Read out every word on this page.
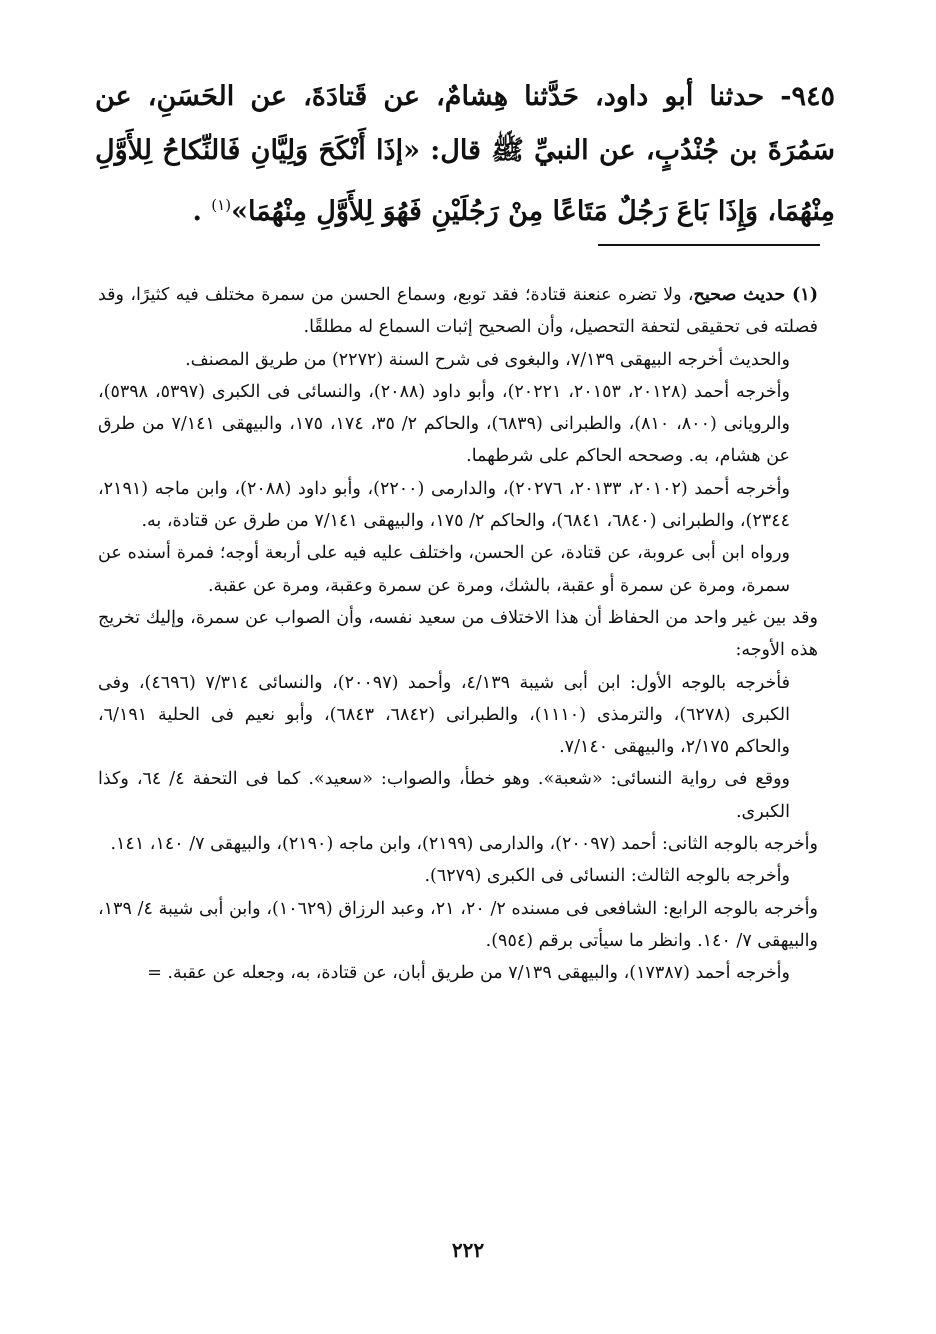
٩٤٥- حدثنا أبو داود، حَدَّثنا هِشامٌ، عن قَتادَةَ، عن الحَسَنِ، عن سَمُرَةَ بن جُنْدُبٍ، عن النبيِّ ﷺ قال: «إذَا أَنْكَحَ وَلِيَّانِ فَالنِّكاحُ لِلأَوَّلِ مِنْهُمَا، وَإِذَا بَاعَ رَجُلٌ مَتَاعًا مِنْ رَجُلَيْنِ فَهُوَ لِلأَوَّلِ مِنْهُمَا»$^{(١)}$ .

(١) حديث صحيح، ولا تضره عنعنة قتادة؛ فقد توبع، وسماع الحسن من سمرة مختلف فيه كثيرًا، وقد فصلته فى تحقيقى لتحفة التحصيل، وأن الصحيح إثبات السماع له مطلقًا.

والحديث أخرجه البيهقى ٧/١٣٩، والبغوى فى شرح السنة (٢٢٧٢) من طريق المصنف.

وأخرجه أحمد (٢٠١٢٨، ٢٠١٥٣، ٢٠٢٢١)، وأبو داود (٢٠٨٨)، والنسائى فى الكبرى (٥٣٩٧، ٥٣٩٨)، والرويانى (٨٠٠، ٨١٠)، والطبرانى (٦٨٣٩)، والحاكم ٢/ ٣٥، ١٧٤، ١٧٥، والبيهقى ٧/١٤١ من طرق عن هشام، به. وصححه الحاكم على شرطهما.

وأخرجه أحمد (٢٠١٠٢، ٢٠١٣٣، ٢٠٢٧٦)، والدارمى (٢٢٠٠)، وأبو داود (٢٠٨٨)، وابن ماجه (٢١٩١، ٢٣٤٤)، والطبرانى (٦٨٤٠، ٦٨٤١)، والحاكم ٢/ ١٧٥، والبيهقى ٧/١٤١ من طرق عن قتادة، به.

ورواه ابن أبى عروبة، عن قتادة، عن الحسن، واختلف عليه فيه على أربعة أوجه؛ فمرة أسنده عن سمرة، ومرة عن سمرة أو عقبة، بالشك، ومرة عن سمرة وعقبة، ومرة عن عقبة.

وقد بين غير واحد من الحفاظ أن هذا الاختلاف من سعيد نفسه، وأن الصواب عن سمرة، وإليك تخريج هذه الأوجه:

فأخرجه بالوجه الأول: ابن أبى شيبة ٤/١٣٩، وأحمد (٢٠٠٩٧)، والنسائى ٧/٣١٤ (٤٦٩٦)، وفى الكبرى (٦٢٧٨)، والترمذى (١١١٠)، والطبرانى (٦٨٤٢، ٦٨٤٣)، وأبو نعيم فى الحلية ٦/١٩١، والحاكم ٢/١٧٥، والبيهقى ٧/١٤٠.

ووقع فى رواية النسائى: «شعبة». وهو خطأ، والصواب: «سعيد». كما فى التحفة ٤/ ٦٤، وكذا الكبرى.

وأخرجه بالوجه الثانى: أحمد (٢٠٠٩٧)، والدارمى (٢١٩٩)، وابن ماجه (٢١٩٠)، والبيهقى ٧/ ١٤٠، ١٤١.

وأخرجه بالوجه الثالث: النسائى فى الكبرى (٦٢٧٩).

وأخرجه بالوجه الرابع: الشافعى فى مسنده ٢/ ٢٠، ٢١، وعبد الرزاق (١٠٦٢٩)، وابن أبى شيبة ٤/ ١٣٩، والبيهقى ٧/ ١٤٠. وانظر ما سيأتى برقم (٩٥٤).

وأخرجه أحمد (١٧٣٨٧)، والبيهقى ٧/١٣٩ من طريق أبان، عن قتادة، به، وجعله عن عقبة. =

٢٢٢
